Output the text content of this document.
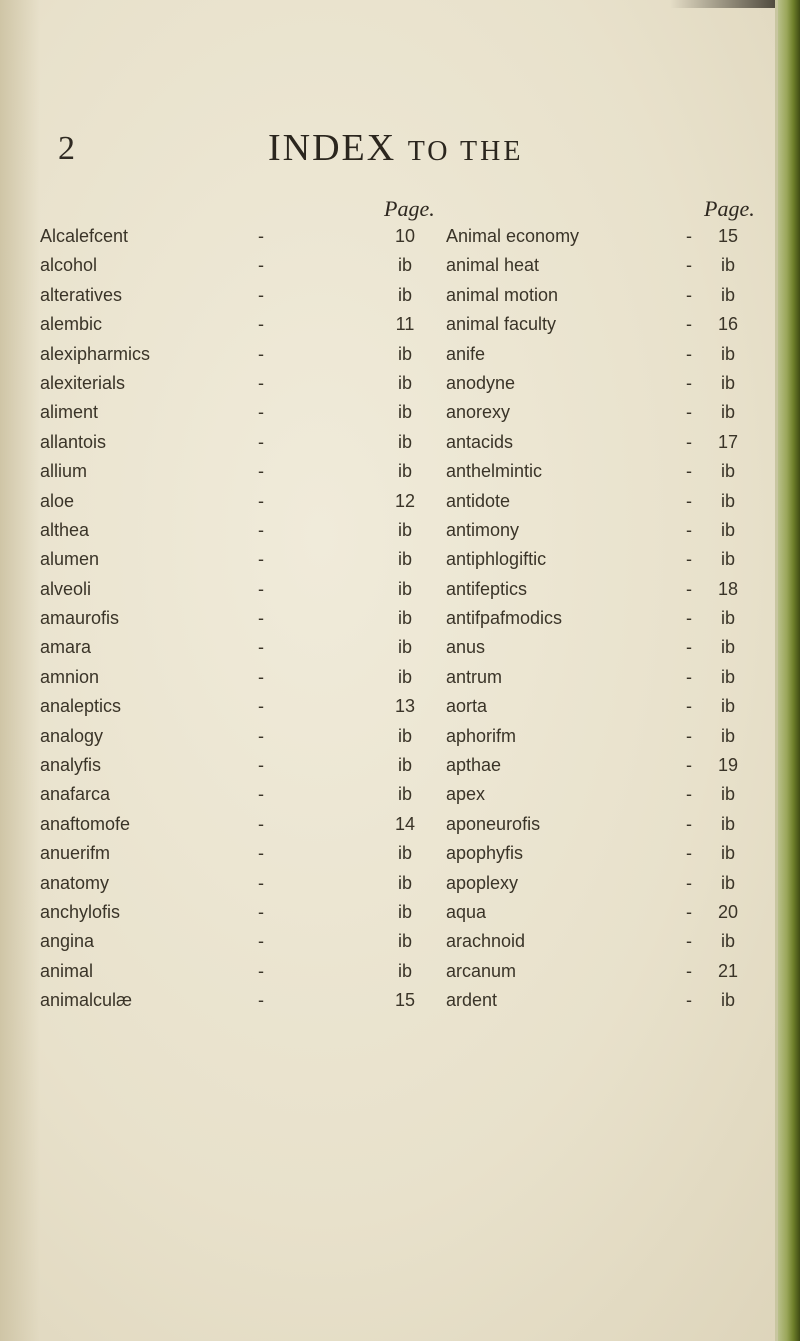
2	INDEX TO THE
Page.	Page.
Alcalefcent	-	10 Animal economy	-	15
alcohol	-	ib	animal heat	-	ib
alteratives	-	ib	animal motion	-	ib
alembic	-	11	animal faculty	-	16
alexipharmics	-	ib	anife	-	ib
alexiterials	-	ib	anodyne	-	ib
aliment	-	ib	anorexy	-	ib
allantois	-	ib	antacids	-	17
allium	-	ib	anthelmintic	-	ib
aloe	-	12 antidote	-	ib
althea	-	ib	antimony	-	ib
alumen	-	ib	antiphlogiftic	-	ib
alveoli	-	ib	antifeptics	-	18
amaurofis	-	ib	antifpafmodics	-	ib
amara	-	ib	anus	-	ib
amnion	-	ib	antrum	-	ib
analeptics	-	13 aorta	-	ib
analogy	-	ib	aphorifm	-	ib
analyfis	-	ib	apthae	-	19
anafarca	-	ib	apex	-	ib
anaftomofe	-	14 aponeurofis	-	ib
anuerifm	-	ib	apophyfis	-	ib
anatomy	-	ib	apoplexy	-	ib
anchylofis	-	ib	aqua	-	20
angina	-	ib	arachnoid	-	ib
animal	-	ib	arcanum	-	21
animalculæ	-	15 ardent	-	ib
